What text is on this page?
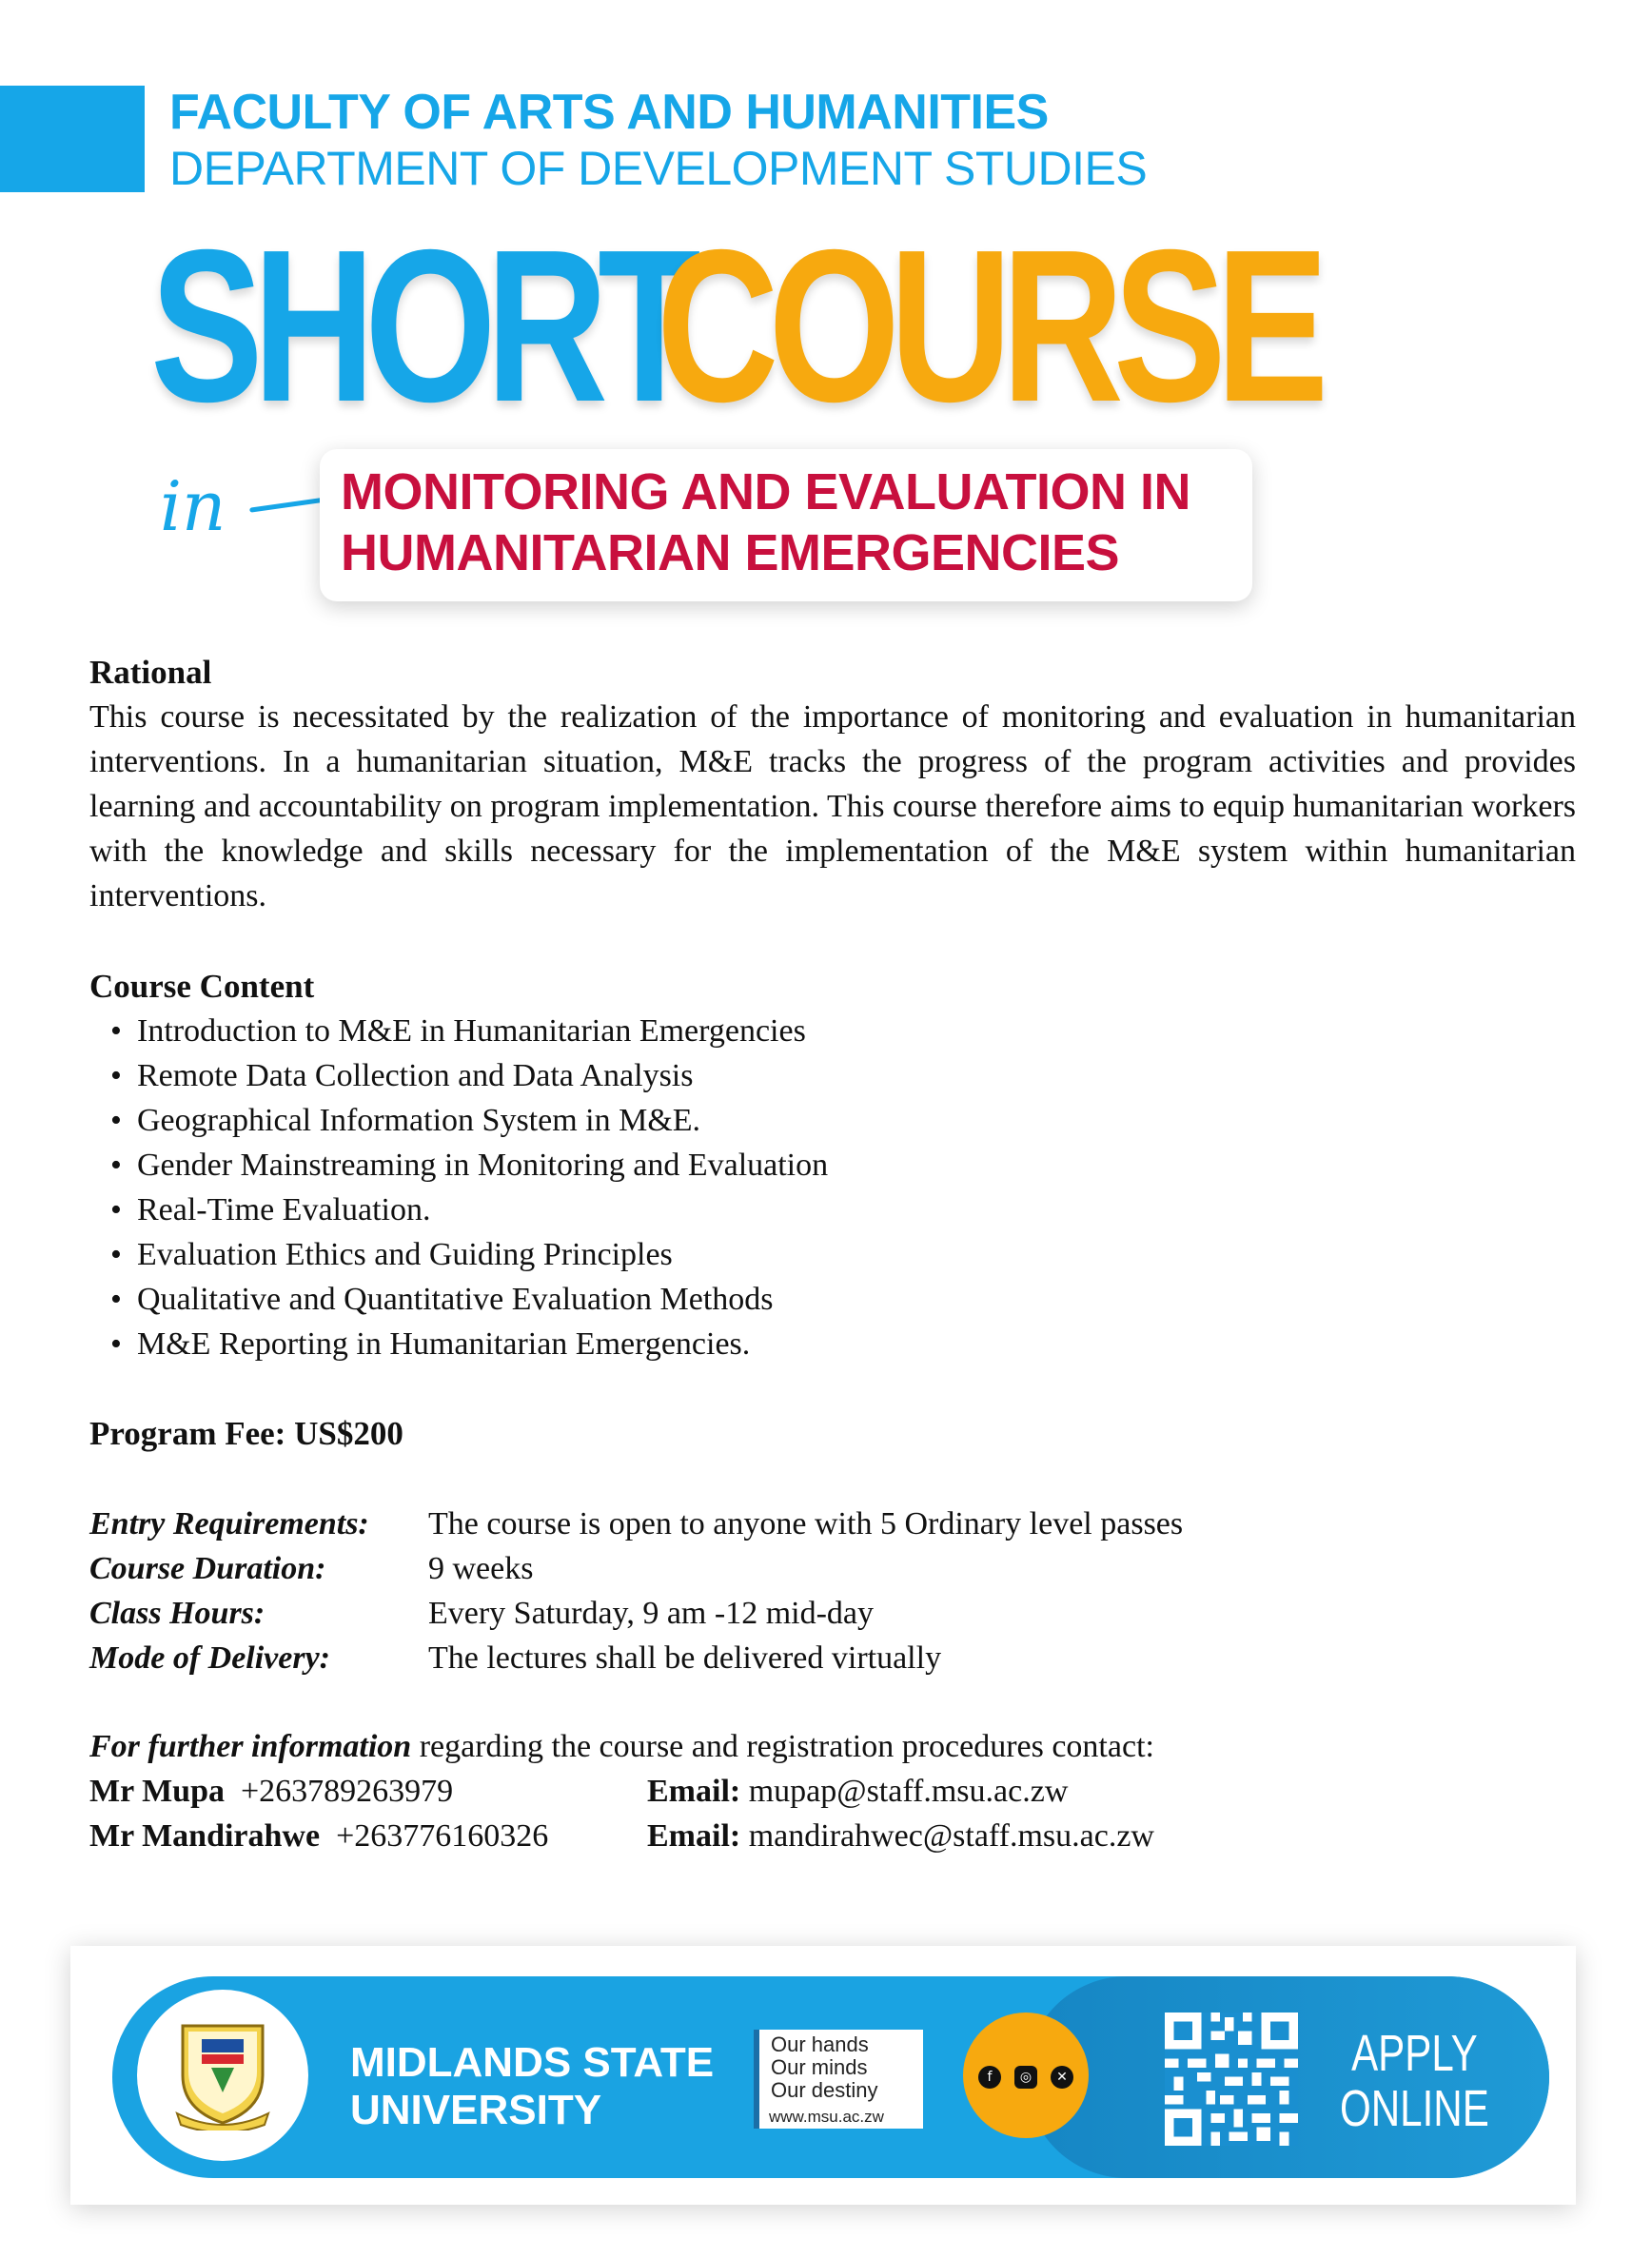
FACULTY OF ARTS AND HUMANITIES
DEPARTMENT OF DEVELOPMENT STUDIES
SHORT
COURSE
in MONITORING AND EVALUATION IN
HUMANITARIAN EMERGENCIES
Rational
This course is necessitated by the realization of the importance of monitoring and evaluation in humanitarian interventions. In a humanitarian situation, M&E tracks the progress of the program activities and provides learning and accountability on program implementation. This course therefore aims to equip humanitarian workers with the knowledge and skills necessary for the implementation of the M&E system within humanitarian interventions.
Course Content
• Introduction to M&E in Humanitarian Emergencies
• Remote Data Collection and Data Analysis
• Geographical Information System in M&E.
• Gender Mainstreaming in Monitoring and Evaluation
• Real-Time Evaluation.
• Evaluation Ethics and Guiding Principles
• Qualitative and Quantitative Evaluation Methods
• M&E Reporting in Humanitarian Emergencies.
Program Fee: US$200
Entry Requirements:	The course is open to anyone with 5 Ordinary level passes
Course Duration:	9 weeks
Class Hours:	Every Saturday, 9 am -12 mid-day
Mode of Delivery:	The lectures shall be delivered virtually
For further information regarding the course and registration procedures contact:
Mr Mupa +263789263979	Email: mupap@staff.msu.ac.zw
Mr Mandirahwe +263776160326	Email: mandirahwec@staff.msu.ac.zw
MIDLANDS STATE
UNIVERSITY
Our hands
Our minds
Our destiny
www.msu.ac.zw
f	◎	✕	APPLY
ONLINE
